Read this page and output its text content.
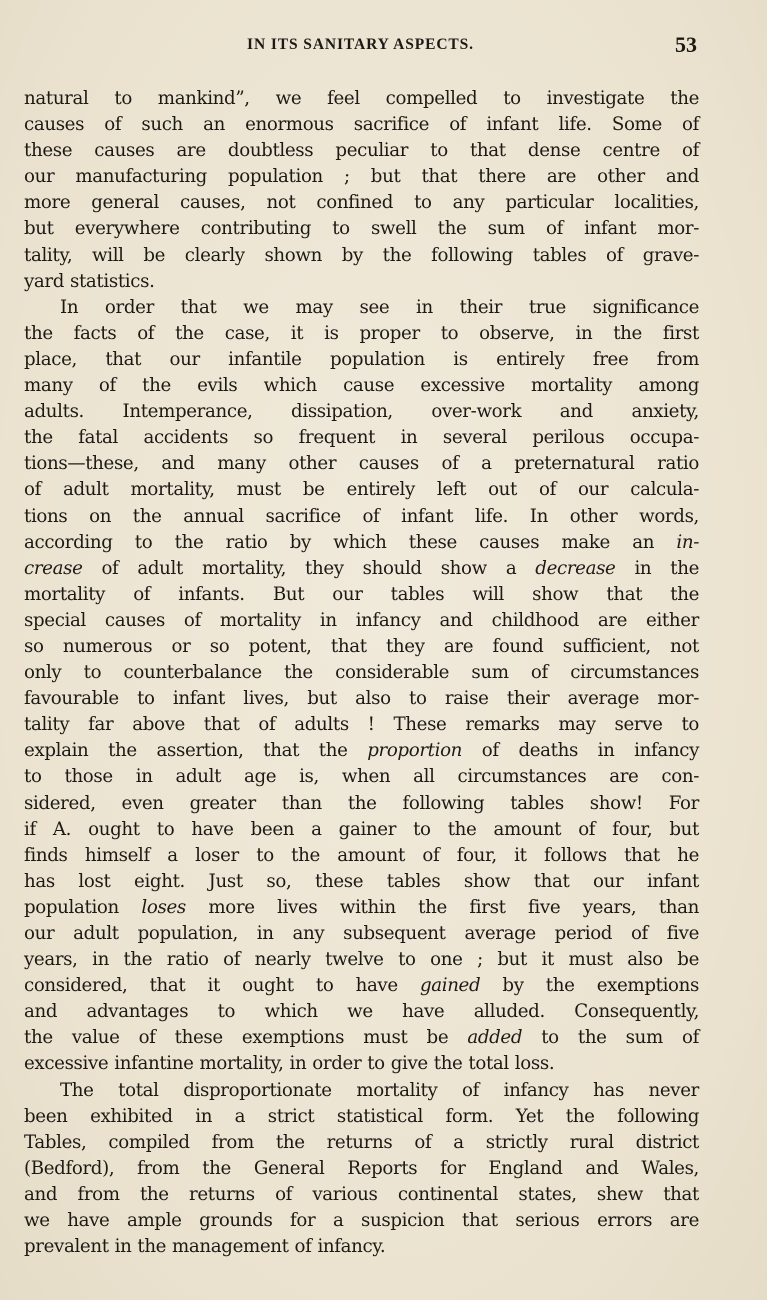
IN ITS SANITARY ASPECTS.	53
natural to mankind”, we feel compelled to investigate the
causes of such an enormous sacrifice of infant life. Some of
these causes are doubtless peculiar to that dense centre of
our manufacturing population ; but that there are other and
more general causes, not confined to any particular localities,
but everywhere contributing to swell the sum of infant mor-
tality, will be clearly shown by the following tables of grave-
yard statistics.
In order that we may see in their true significance
the facts of the case, it is proper to observe, in the first
place, that our infantile population is entirely free from
many of the evils which cause excessive mortality among
adults. Intemperance, dissipation, over-work and anxiety,
the fatal accidents so frequent in several perilous occupa-
tions—these, and many other causes of a preternatural ratio
of adult mortality, must be entirely left out of our calcula-
tions on the annual sacrifice of infant life. In other words,
according to the ratio by which these causes make an in-
crease of adult mortality, they should show a decrease in the
mortality of infants. But our tables will show that the
special causes of mortality in infancy and childhood are either
so numerous or so potent, that they are found sufficient, not
only to counterbalance the considerable sum of circumstances
favourable to infant lives, but also to raise their average mor-
tality far above that of adults ! These remarks may serve to
explain the assertion, that the proportion of deaths in infancy
to those in adult age is, when all circumstances are con-
sidered, even greater than the following tables show! For
if A. ought to have been a gainer to the amount of four, but
finds himself a loser to the amount of four, it follows that he
has lost eight. Just so, these tables show that our infant
population loses more lives within the first five years, than
our adult population, in any subsequent average period of five
years, in the ratio of nearly twelve to one ; but it must also be
considered, that it ought to have gained by the exemptions
and advantages to which we have alluded. Consequently,
the value of these exemptions must be added to the sum of
excessive infantine mortality, in order to give the total loss.
The total disproportionate mortality of infancy has never
been exhibited in a strict statistical form. Yet the following
Tables, compiled from the returns of a strictly rural district
(Bedford), from the General Reports for England and Wales,
and from the returns of various continental states, shew that
we have ample grounds for a suspicion that serious errors are
prevalent in the management of infancy.
